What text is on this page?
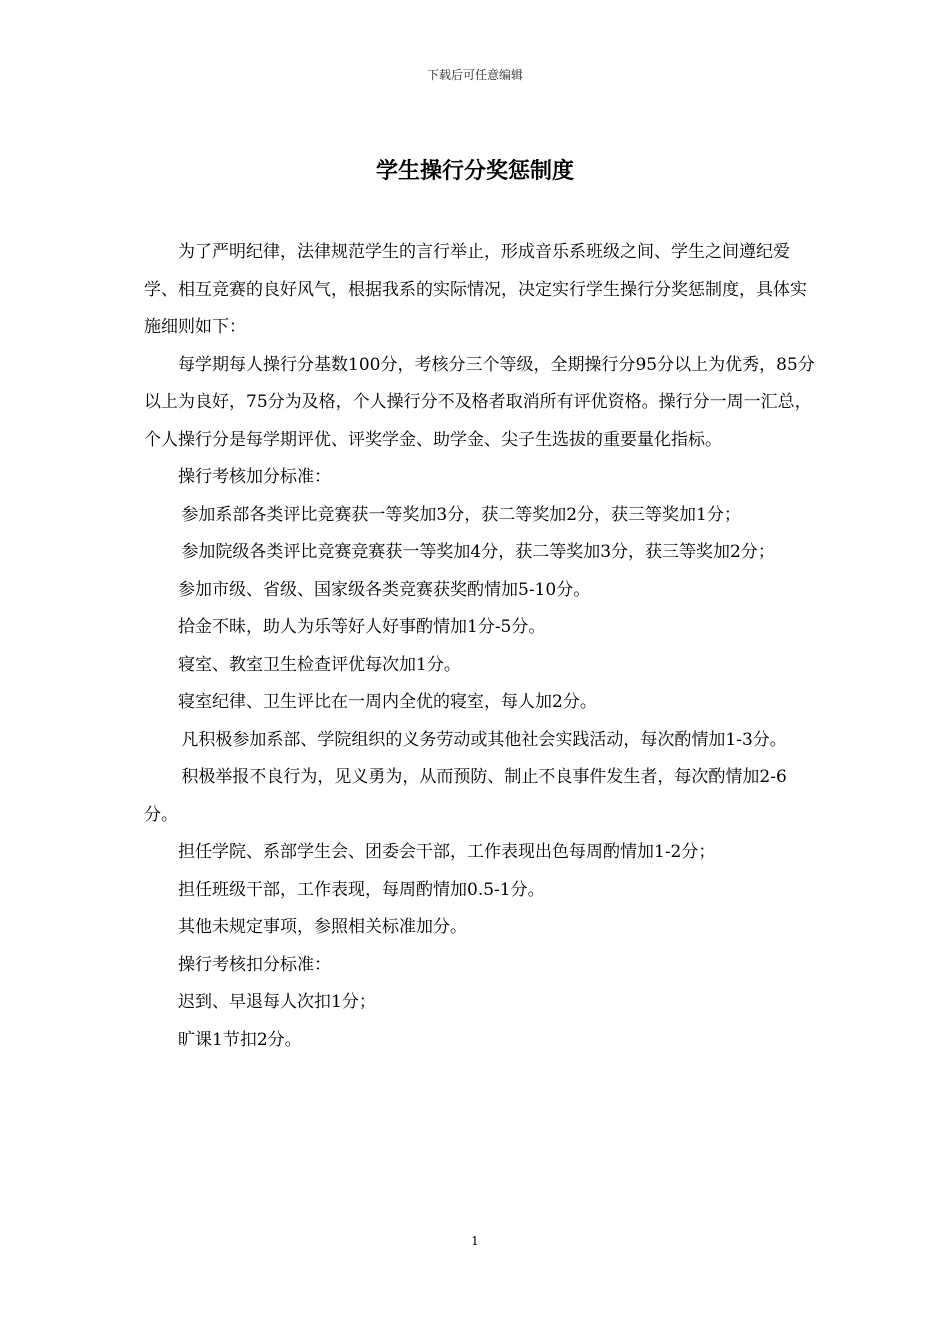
下载后可任意编辑
学生操行分奖惩制度

为了严明纪律，法律规范学生的言行举止，形成音乐系班级之间、学生之间遵纪爱学、相互竞赛的良好风气，根据我系的实际情况，决定实行学生操行分奖惩制度，具体实施细则如下：

每学期每人操行分基数100分，考核分三个等级，全期操行分95分以上为优秀，85分以上为良好，75分为及格，个人操行分不及格者取消所有评优资格。操行分一周一汇总，个人操行分是每学期评优、评奖学金、助学金、尖子生选拔的重要量化指标。

操行考核加分标准：

参加系部各类评比竞赛获一等奖加3分，获二等奖加2分，获三等奖加1分；

参加院级各类评比竞赛竞赛获一等奖加4分，获二等奖加3分，获三等奖加2分；

参加市级、省级、国家级各类竞赛获奖酌情加5-10分。

拾金不昧，助人为乐等好人好事酌情加1分-5分。

寝室、教室卫生检查评优每次加1分。

寝室纪律、卫生评比在一周内全优的寝室，每人加2分。

凡积极参加系部、学院组织的义务劳动或其他社会实践活动，每次酌情加1-3分。

积极举报不良行为，见义勇为，从而预防、制止不良事件发生者，每次酌情加2-6分。

担任学院、系部学生会、团委会干部，工作表现出色每周酌情加1-2分；

担任班级干部，工作表现，每周酌情加0.5-1分。

其他未规定事项，参照相关标准加分。

操行考核扣分标准：

迟到、早退每人次扣1分；

旷课1节扣2分。

1
